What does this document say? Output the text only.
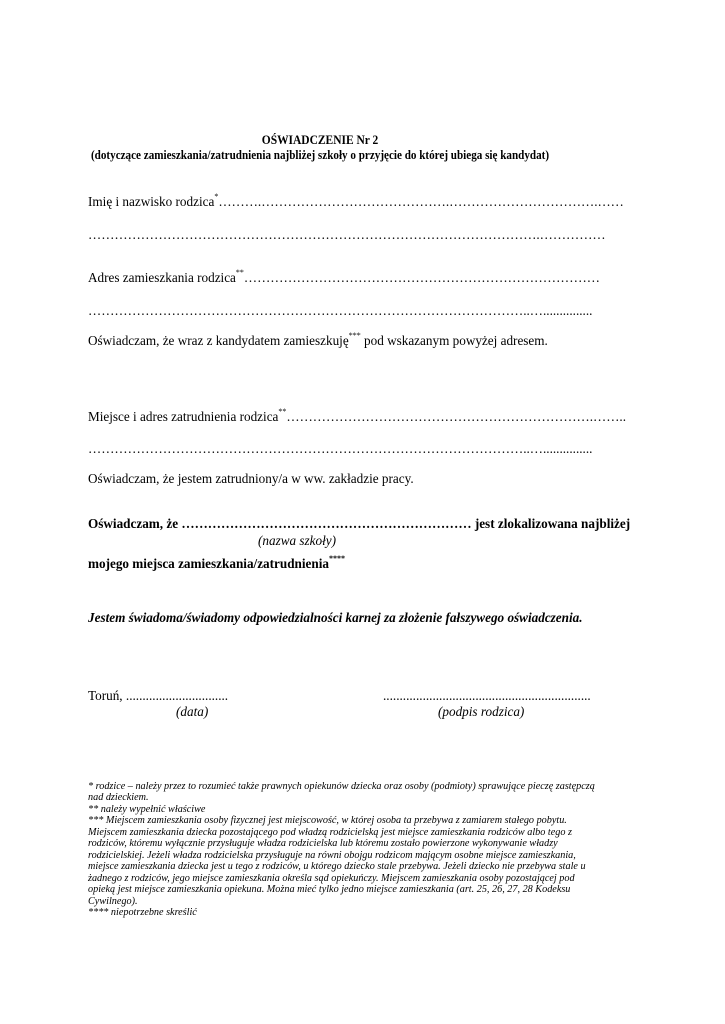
OŚWIADCZENIE Nr 2
(dotyczące zamieszkania/zatrudnienia najbliżej szkoły o przyjęcie do której ubiega się kandydat)
Imię i nazwisko rodzica*……….…………………………………….…………………………….……
………………………………………………………………………………………….……………
Adres zamieszkania rodzica**………………………………………………………………………
………………………………………………………………………………………..…...............
Oświadczam, że wraz z kandydatem zamieszkuję*** pod wskazanym powyżej adresem.
Miejsce i adres zatrudnienia rodzica**…………………………………………………………….……..
………………………………………………………………………………………..…...............
Oświadczam, że jestem zatrudniony/a w ww. zakładzie pracy.
Oświadczam, że ………………………………………………………… jest zlokalizowana najbliżej
(nazwa szkoły)
mojego miejsca zamieszkania/zatrudnienia****
Jestem świadoma/świadomy odpowiedzialności karnej za złożenie fałszywego oświadczenia.
Toruń, ...............................
(data)
...............................................................
(podpis rodzica)
* rodzice – należy przez to rozumieć także prawnych opiekunów dziecka oraz osoby (podmioty) sprawujące pieczę zastępczą
nad dzieckiem.
** należy wypełnić właściwe
*** Miejscem zamieszkania osoby fizycznej jest miejscowość, w której osoba ta przebywa z zamiarem stałego pobytu.
Miejscem zamieszkania dziecka pozostającego pod władzą rodzicielską jest miejsce zamieszkania rodziców albo tego z
rodziców, któremu wyłącznie przysługuje władza rodzicielska lub któremu zostało powierzone wykonywanie władzy
rodzicielskiej. Jeżeli władza rodzicielska przysługuje na równi obojgu rodzicom mającym osobne miejsce zamieszkania,
miejsce zamieszkania dziecka jest u tego z rodziców, u którego dziecko stale przebywa. Jeżeli dziecko nie przebywa stale u
żadnego z rodziców, jego miejsce zamieszkania określa sąd opiekuńczy. Miejscem zamieszkania osoby pozostającej pod
opieką jest miejsce zamieszkania opiekuna. Można mieć tylko jedno miejsce zamieszkania (art. 25, 26, 27, 28 Kodeksu
Cywilnego).
**** niepotrzebne skreślić
